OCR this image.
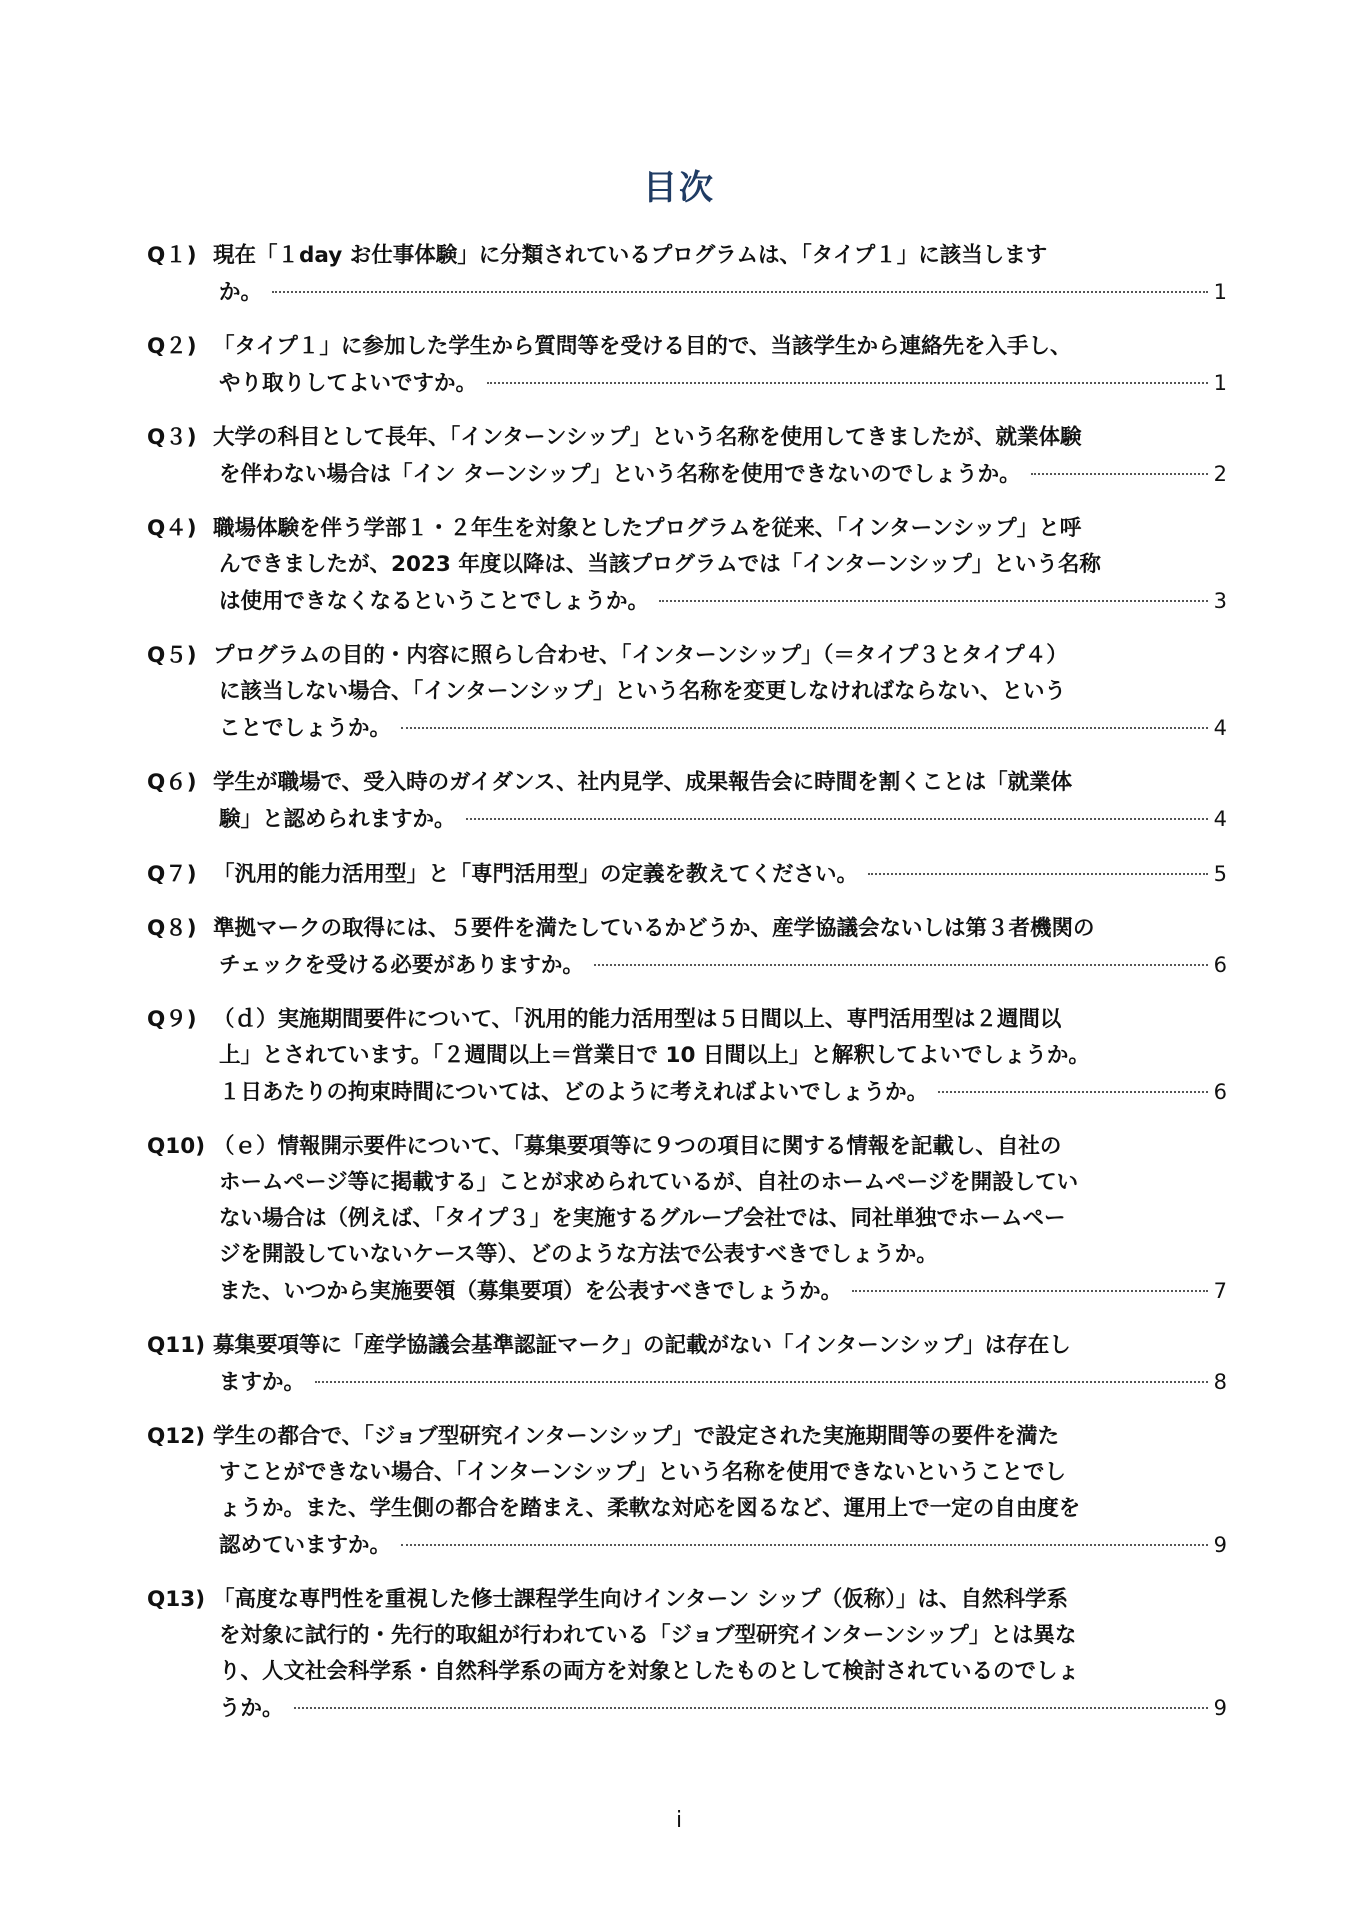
目次
Q１) 現在「１day お仕事体験」に分類されているプログラムは、「タイプ１」に該当します
か。	1
Q２) 「タイプ１」に参加した学生から質問等を受ける目的で、当該学生から連絡先を入手し、
やり取りしてよいですか。	1
Q３) 大学の科目として長年、「インターンシップ」という名称を使用してきましたが、就業体験
を伴わない場合は「イン ターンシップ」という名称を使用できないのでしょうか。	2
Q４) 職場体験を伴う学部１・２年生を対象としたプログラムを従来、「インターンシップ」と呼
んできましたが、2023 年度以降は、当該プログラムでは「インターンシップ」という名称
は使用できなくなるということでしょうか。	3
Q５) プログラムの目的・内容に照らし合わせ、「インターンシップ」（＝タイプ３とタイプ４）
に該当しない場合、「インターンシップ」という名称を変更しなければならない、という
ことでしょうか。	4
Q６) 学生が職場で、受入時のガイダンス、社内見学、成果報告会に時間を割くことは「就業体
験」と認められますか。	4
Q７) 「汎用的能力活用型」と「専門活用型」の定義を教えてください。	5
Q８) 準拠マークの取得には、５要件を満たしているかどうか、産学協議会ないしは第３者機関の
チェックを受ける必要がありますか。	6
Q９) （ｄ）実施期間要件について、「汎用的能力活用型は５日間以上、専門活用型は２週間以
上」とされています。「２週間以上＝営業日で 10 日間以上」と解釈してよいでしょうか。
１日あたりの拘束時間については、どのように考えればよいでしょうか。	6
Q10) （ｅ）情報開示要件について、「募集要項等に９つの項目に関する情報を記載し、自社の
ホームページ等に掲載する」ことが求められているが、自社のホームページを開設してい
ない場合は（例えば、「タイプ３」を実施するグループ会社では、同社単独でホームペー
ジを開設していないケース等）、どのような方法で公表すべきでしょうか。
また、いつから実施要領（募集要項）を公表すべきでしょうか。	7
Q11) 募集要項等に「産学協議会基準認証マーク」の記載がない「インターンシップ」は存在し
ますか。	8
Q12) 学生の都合で、「ジョブ型研究インターンシップ」で設定された実施期間等の要件を満た
すことができない場合、「インターンシップ」という名称を使用できないということでし
ょうか。また、学生側の都合を踏まえ、柔軟な対応を図るなど、運用上で一定の自由度を
認めていますか。	9
Q13) 「高度な専門性を重視した修士課程学生向けインターン シップ（仮称）」は、自然科学系
を対象に試行的・先行的取組が行われている「ジョブ型研究インターンシップ」とは異な
り、人文社会科学系・自然科学系の両方を対象としたものとして検討されているのでしょ
うか。	9
i
